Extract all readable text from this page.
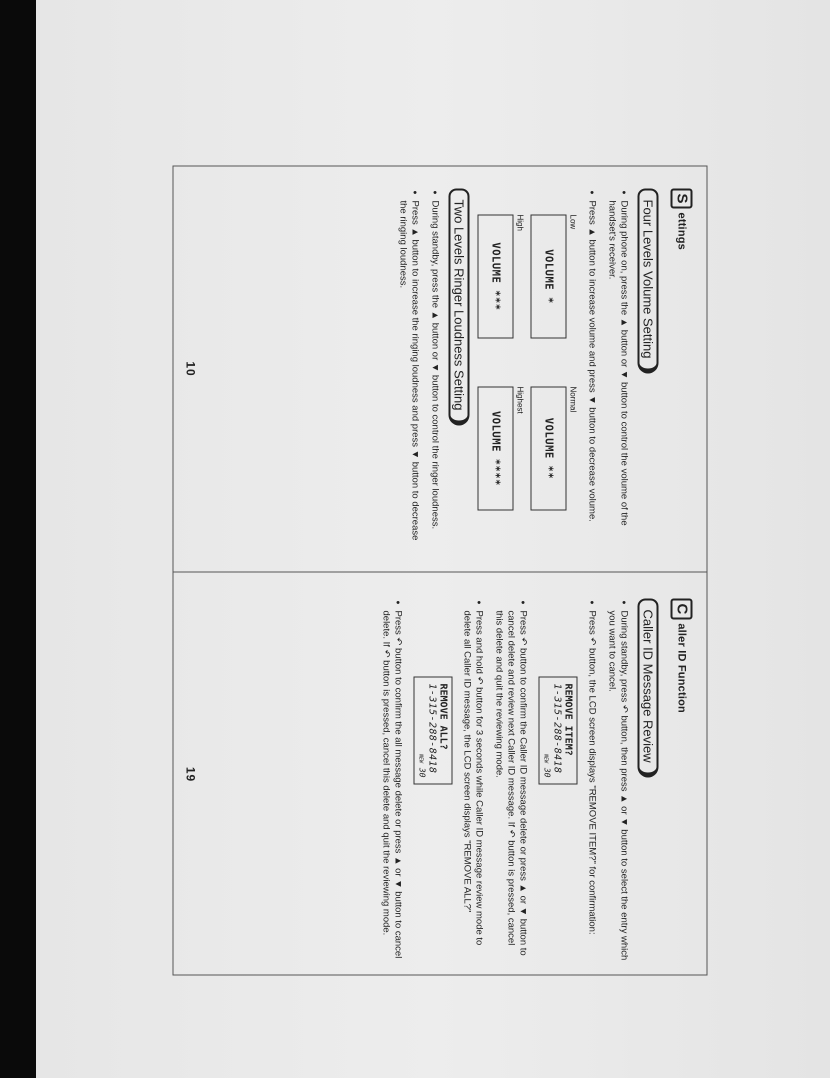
S
ettings
Four Levels Volume Setting
• During phone on, press the ▲ button or ▼ button to control the volume of the handset's receiver.
• Press ▲ button to increase volume and press ▼ button to decrease volume.
Low
VOLUME *
Normal
VOLUME **
High
VOLUME ***
Highest
VOLUME ****
Two Levels Ringer Loudness Setting
• During standby, press the ▲ button or ▼ button to control the ringer loudness.
• Press ▲ button to increase the ringing loudness and press ▼ button to decrease the ringing loudness.
10
C
aller ID Function
Caller ID Message Review
• During standby, press ↶ button, then press ▲ or ▼ button to select the entry which you want to cancel.
• Press ↶ button, the LCD screen displays "REMOVE ITEM?" for confirmation:
REMOVE ITEM?
1-315-288-8418
NEW 30
• Press ↶ button to confirm the Caller ID message delete or press ▲ or ▼ button to cancel delete and review next Caller ID message. If ↶ button is pressed, cancel this delete and quit the reviewing mode.
• Press and hold ↶ button for 3 seconds while Caller ID message review mode to delete all Caller ID message, the LCD screen displays "REMOVE ALL?"
REMOVE ALL?
1-315-288-8418
NEW 30
• Press ↶ button to confirm the all message delete or press ▲ or ▼ button to cancel delete. If ↶ button is pressed, cancel this delete and quit the reviewing mode.
19
